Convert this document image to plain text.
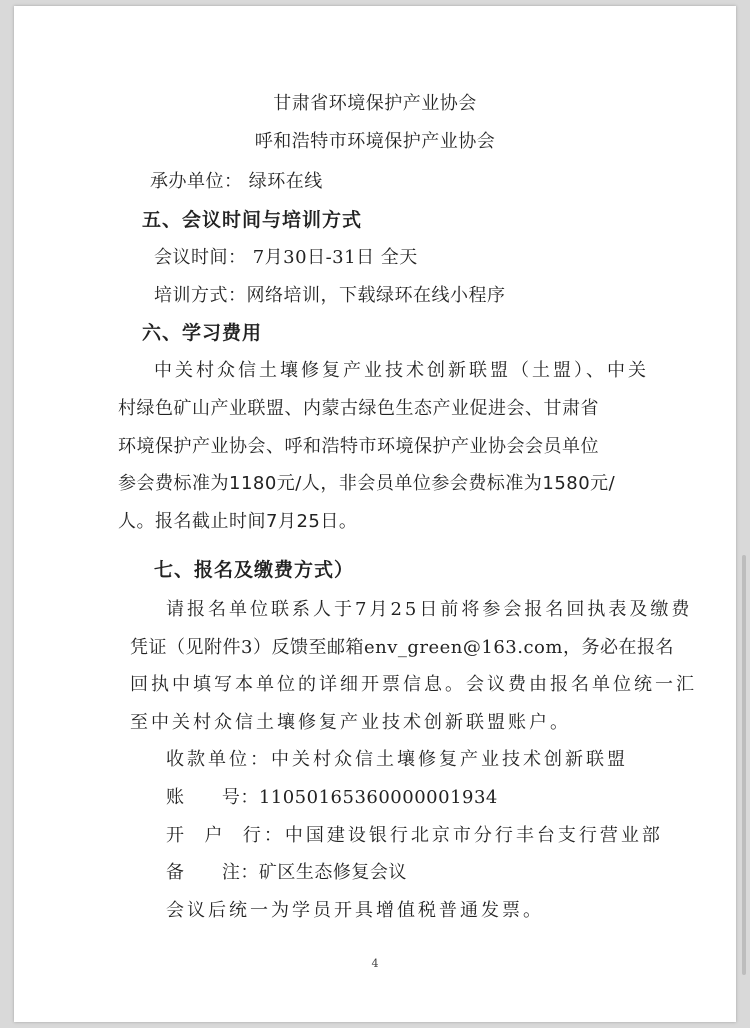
甘肃省环境保护产业协会
呼和浩特市环境保护产业协会
承办单位： 绿环在线
五、会议时间与培训方式
会议时间： 7月30日-31日 全天
培训方式：网络培训，下载绿环在线小程序
六、学习费用
中关村众信土壤修复产业技术创新联盟（土盟）、中关
村绿色矿山产业联盟、内蒙古绿色生态产业促进会、甘肃省
环境保护产业协会、呼和浩特市环境保护产业协会会员单位
参会费标准为1180元/人，非会员单位参会费标准为1580元/
人。报名截止时间7月25日。
七、报名及缴费方式）
请报名单位联系人于7月25日前将参会报名回执表及缴费
凭证（见附件3）反馈至邮箱env_green@163.com，务必在报名
回执中填写本单位的详细开票信息。会议费由报名单位统一汇
至中关村众信土壤修复产业技术创新联盟账户。
收款单位：中关村众信土壤修复产业技术创新联盟
账      号：11050165360000001934
开  户  行：中国建设银行北京市分行丰台支行营业部
备      注：矿区生态修复会议
会议后统一为学员开具增值税普通发票。
4
